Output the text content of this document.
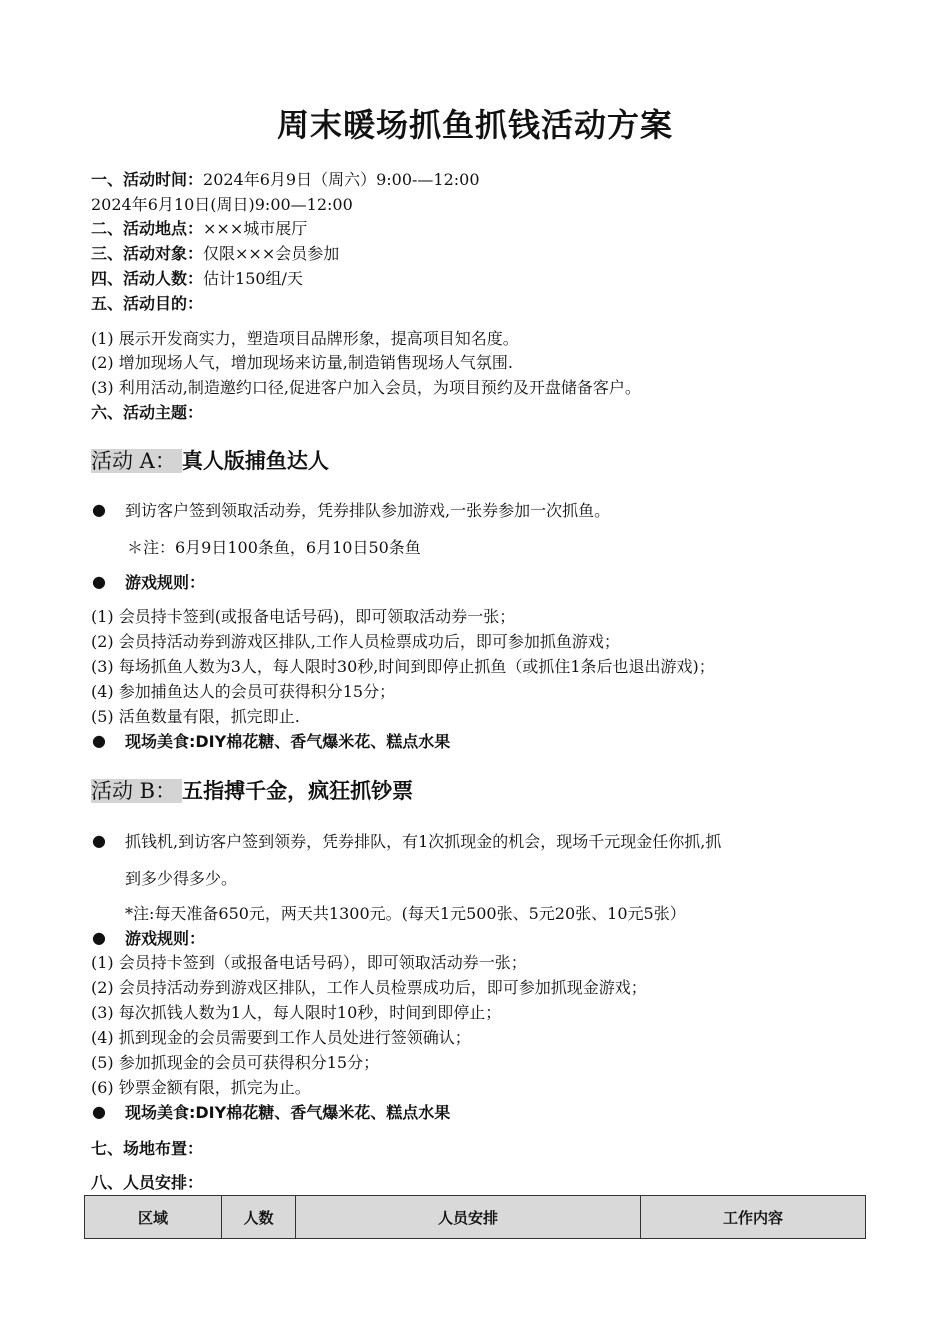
周末暖场抓鱼抓钱活动方案
一、活动时间：2024年6月9日（周六）9:00-—12:00
2024年6月10日(周日)9:00—12:00
二、活动地点：×××城市展厅
三、活动对象：仅限×××会员参加
四、活动人数：估计150组/天
五、活动目的：
(1) 展示开发商实力，塑造项目品牌形象，提高项目知名度。
(2) 增加现场人气，增加现场来访量,制造销售现场人气氛围.
(3) 利用活动,制造邀约口径,促进客户加入会员，为项目预约及开盘储备客户。
六、活动主题：
活动 A： 真人版捕鱼达人
● 到访客户签到领取活动券，凭券排队参加游戏,一张券参加一次抓鱼。
＊注：6月9日100条鱼，6月10日50条鱼
● 游戏规则：
(1) 会员持卡签到(或报备电话号码)，即可领取活动券一张；
(2) 会员持活动券到游戏区排队,工作人员检票成功后，即可参加抓鱼游戏；
(3) 每场抓鱼人数为3人，每人限时30秒,时间到即停止抓鱼（或抓住1条后也退出游戏)；
(4) 参加捕鱼达人的会员可获得积分15分；
(5) 活鱼数量有限，抓完即止.
● 现场美食:DIY棉花糖、香气爆米花、糕点水果
活动 B： 五指搏千金，疯狂抓钞票
● 抓钱机,到访客户签到领券，凭券排队，有1次抓现金的机会，现场千元现金任你抓,抓
到多少得多少。
*注:每天准备650元，两天共1300元。(每天1元500张、5元20张、10元5张）
● 游戏规则：
(1) 会员持卡签到（或报备电话号码），即可领取活动券一张；
(2) 会员持活动券到游戏区排队，工作人员检票成功后，即可参加抓现金游戏；
(3) 每次抓钱人数为1人，每人限时10秒，时间到即停止；
(4) 抓到现金的会员需要到工作人员处进行签领确认；
(5) 参加抓现金的会员可获得积分15分；
(6) 钞票金额有限，抓完为止。
● 现场美食:DIY棉花糖、香气爆米花、糕点水果
七、场地布置：
八、人员安排：
区域	人数	人员安排	工作内容
